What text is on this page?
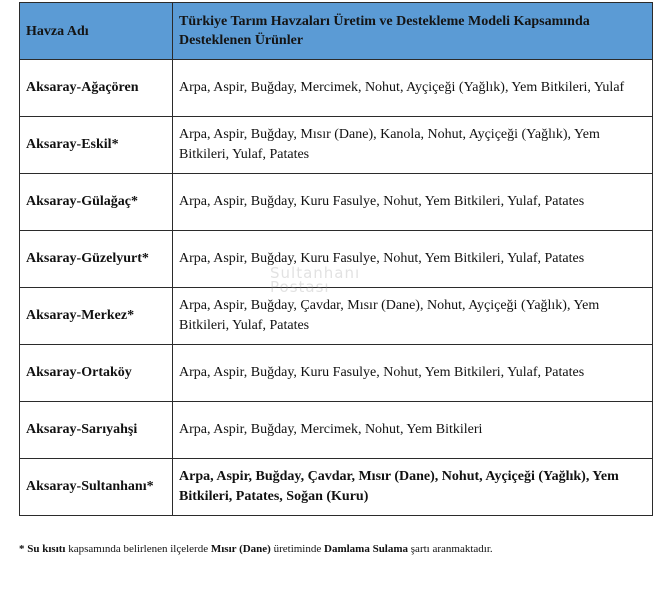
Havza Adı	Türkiye Tarım Havzaları Üretim ve Destekleme Modeli Kapsamında Desteklenen Ürünler
Aksaray-Ağaçören	Arpa, Aspir, Buğday, Mercimek, Nohut, Ayçiçeği (Yağlık), Yem Bitkileri, Yulaf
Aksaray-Eskil*	Arpa, Aspir, Buğday, Mısır (Dane), Kanola, Nohut, Ayçiçeği (Yağlık), Yem Bitkileri, Yulaf, Patates
Aksaray-Gülağaç*	Arpa, Aspir, Buğday, Kuru Fasulye, Nohut, Yem Bitkileri, Yulaf, Patates
Aksaray-Güzelyurt*	Arpa, Aspir, Buğday, Kuru Fasulye, Nohut, Yem Bitkileri, Yulaf, Patates
Aksaray-Merkez*	Arpa, Aspir, Buğday, Çavdar, Mısır (Dane), Nohut, Ayçiçeği (Yağlık), Yem Bitkileri, Yulaf, Patates
Aksaray-Ortaköy	Arpa, Aspir, Buğday, Kuru Fasulye, Nohut, Yem Bitkileri, Yulaf, Patates
Aksaray-Sarıyahşi	Arpa, Aspir, Buğday, Mercimek, Nohut, Yem Bitkileri
Aksaray-Sultanhanı*	Arpa, Aspir, Buğday, Çavdar, Mısır (Dane), Nohut, Ayçiçeği (Yağlık), Yem Bitkileri, Patates, Soğan (Kuru)
Sultanhanı
Postası
* Su kısıtı kapsamında belirlenen ilçelerde Mısır (Dane) üretiminde Damlama Sulama şartı aranmaktadır.
